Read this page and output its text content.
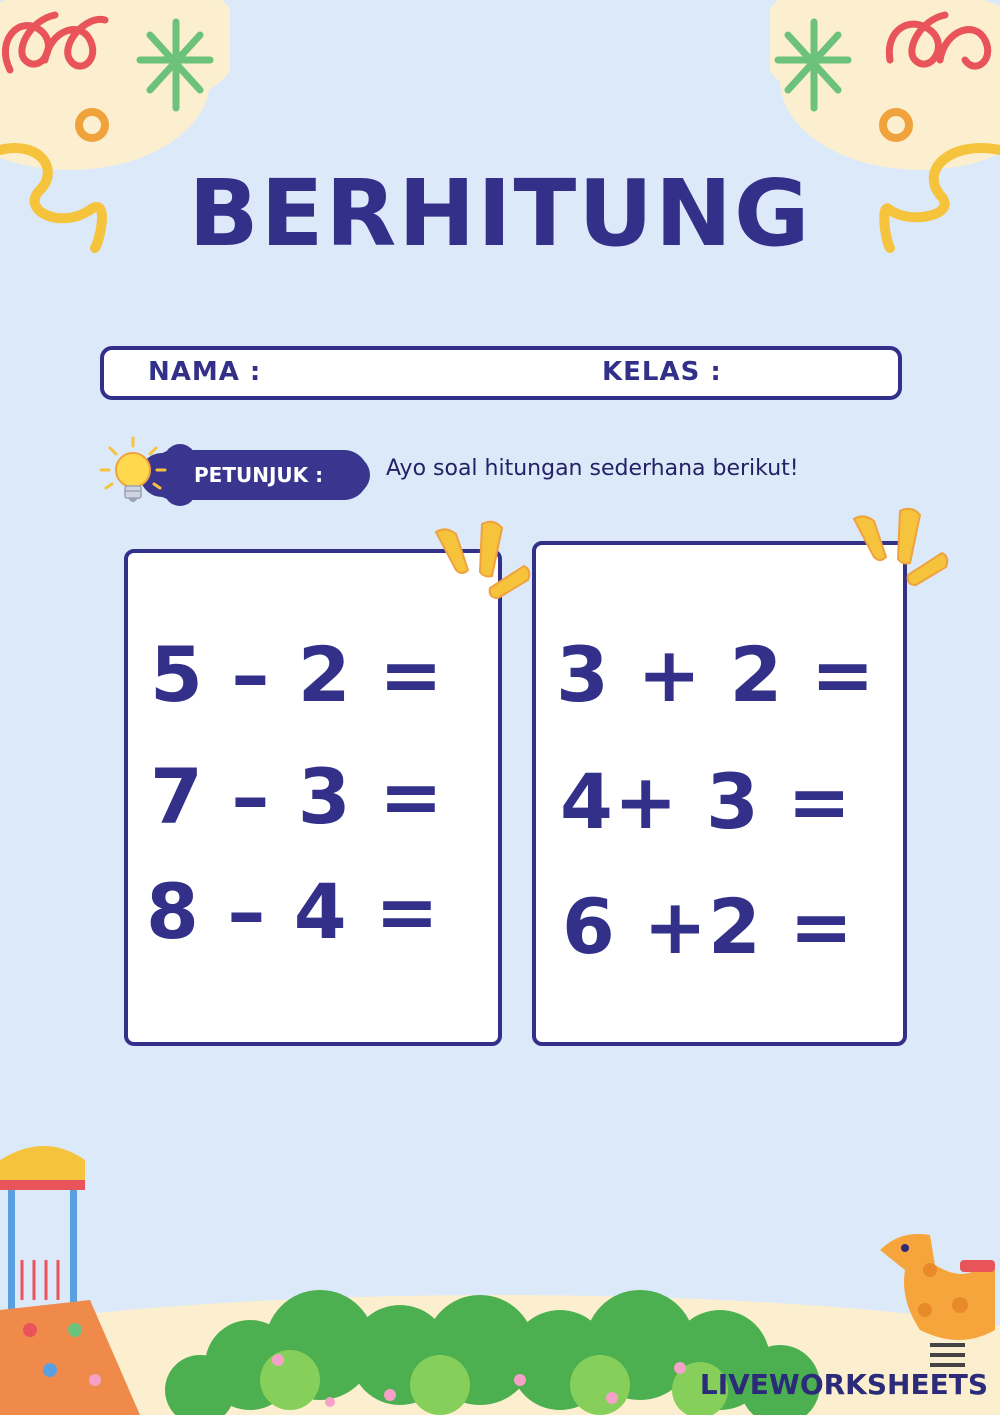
BERHITUNG
NAMA :	KELAS :
PETUNJUK :	Ayo soal hitungan sederhana berikut!
5 – 2 =
7 – 3 =
8 – 4 =
3 + 2 =
4+ 3 =
6 +2 =
LIVEWORKSHEETS
